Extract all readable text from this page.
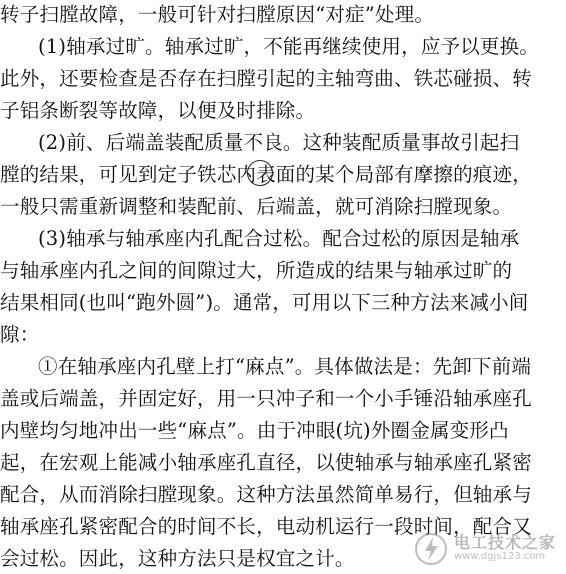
转子扫膛故障，一般可针对扫膛原因“对症”处理。
(1)轴承过旷。轴承过旷，不能再继续使用，应予以更换。
此外，还要检查是否存在扫膛引起的主轴弯曲、铁芯碰损、转
子铝条断裂等故障，以便及时排除。
(2)前、后端盖装配质量不良。这种装配质量事故引起扫
膛的结果，可见到定子铁芯内表面的某个局部有摩擦的痕迹，
一般只需重新调整和装配前、后端盖，就可消除扫膛现象。
(3)轴承与轴承座内孔配合过松。配合过松的原因是轴承
与轴承座内孔之间的间隙过大，所造成的结果与轴承过旷的
结果相同(也叫“跑外圆”)。通常，可用以下三种方法来减小间
隙：
①在轴承座内孔壁上打“麻点”。具体做法是：先卸下前端
盖或后端盖，并固定好，用一只冲子和一个小手锤沿轴承座孔
内壁均匀地冲出一些“麻点”。由于冲眼(坑)外圈金属变形凸
起，在宏观上能减小轴承座孔直径，以使轴承与轴承座孔紧密
配合，从而消除扫膛现象。这种方法虽然简单易行，但轴承与
轴承座孔紧密配合的时间不长，电动机运行一段时间，配合又
会过松。因此，这种方法只是权宜之计。
电工技术之家
www.dgjs123.com
